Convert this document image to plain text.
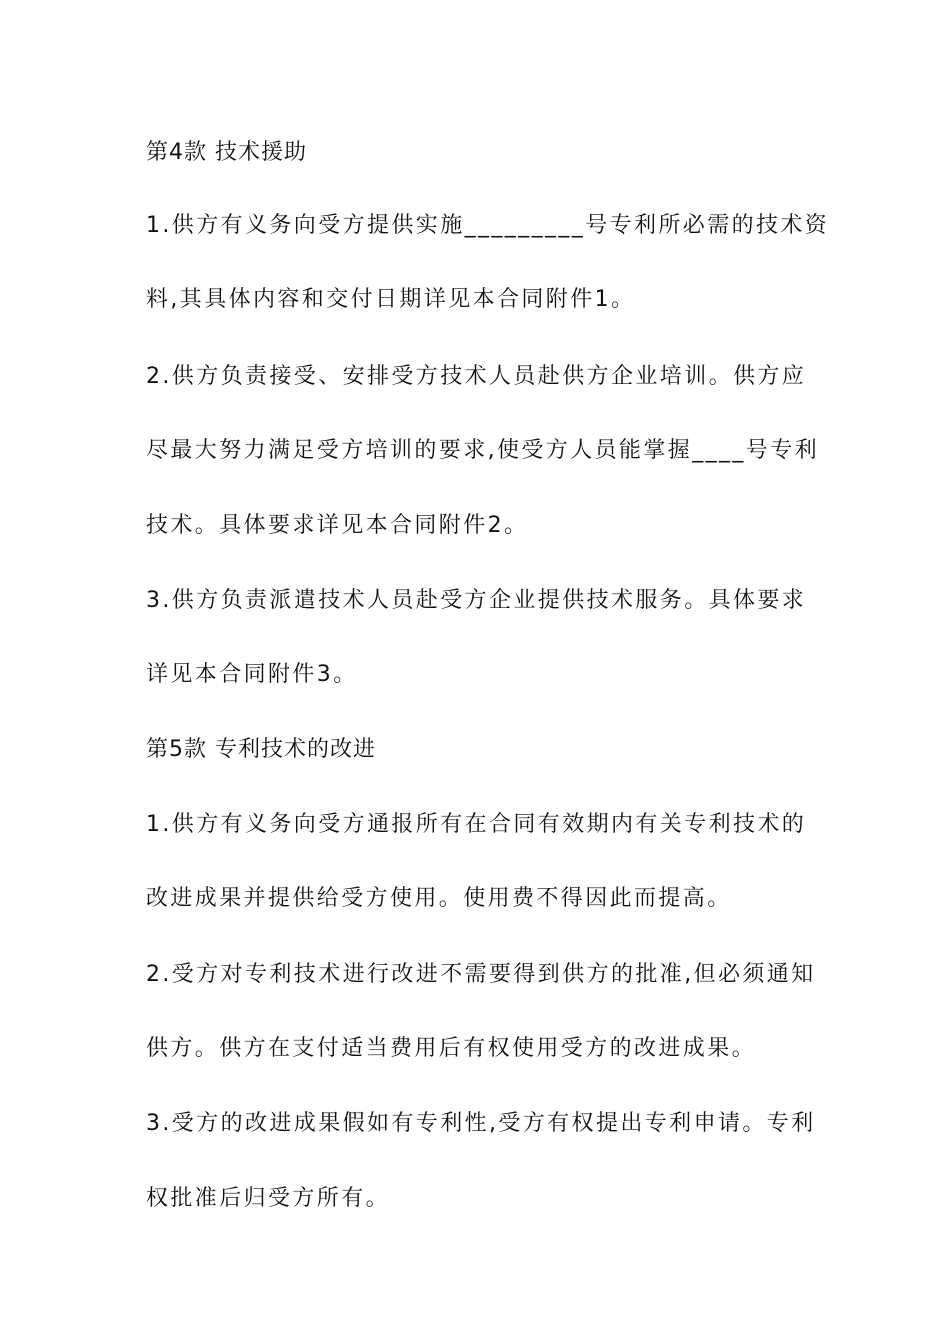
第4款 技术援助
1.供方有义务向受方提供实施_________号专利所必需的技术资
料,其具体内容和交付日期详见本合同附件1。
2.供方负责接受、安排受方技术人员赴供方企业培训。供方应
尽最大努力满足受方培训的要求,使受方人员能掌握____号专利
技术。具体要求详见本合同附件2。
3.供方负责派遣技术人员赴受方企业提供技术服务。具体要求
详见本合同附件3。
第5款 专利技术的改进
1.供方有义务向受方通报所有在合同有效期内有关专利技术的
改进成果并提供给受方使用。使用费不得因此而提高。
2.受方对专利技术进行改进不需要得到供方的批准,但必须通知
供方。供方在支付适当费用后有权使用受方的改进成果。
3.受方的改进成果假如有专利性,受方有权提出专利申请。专利
权批准后归受方所有。
